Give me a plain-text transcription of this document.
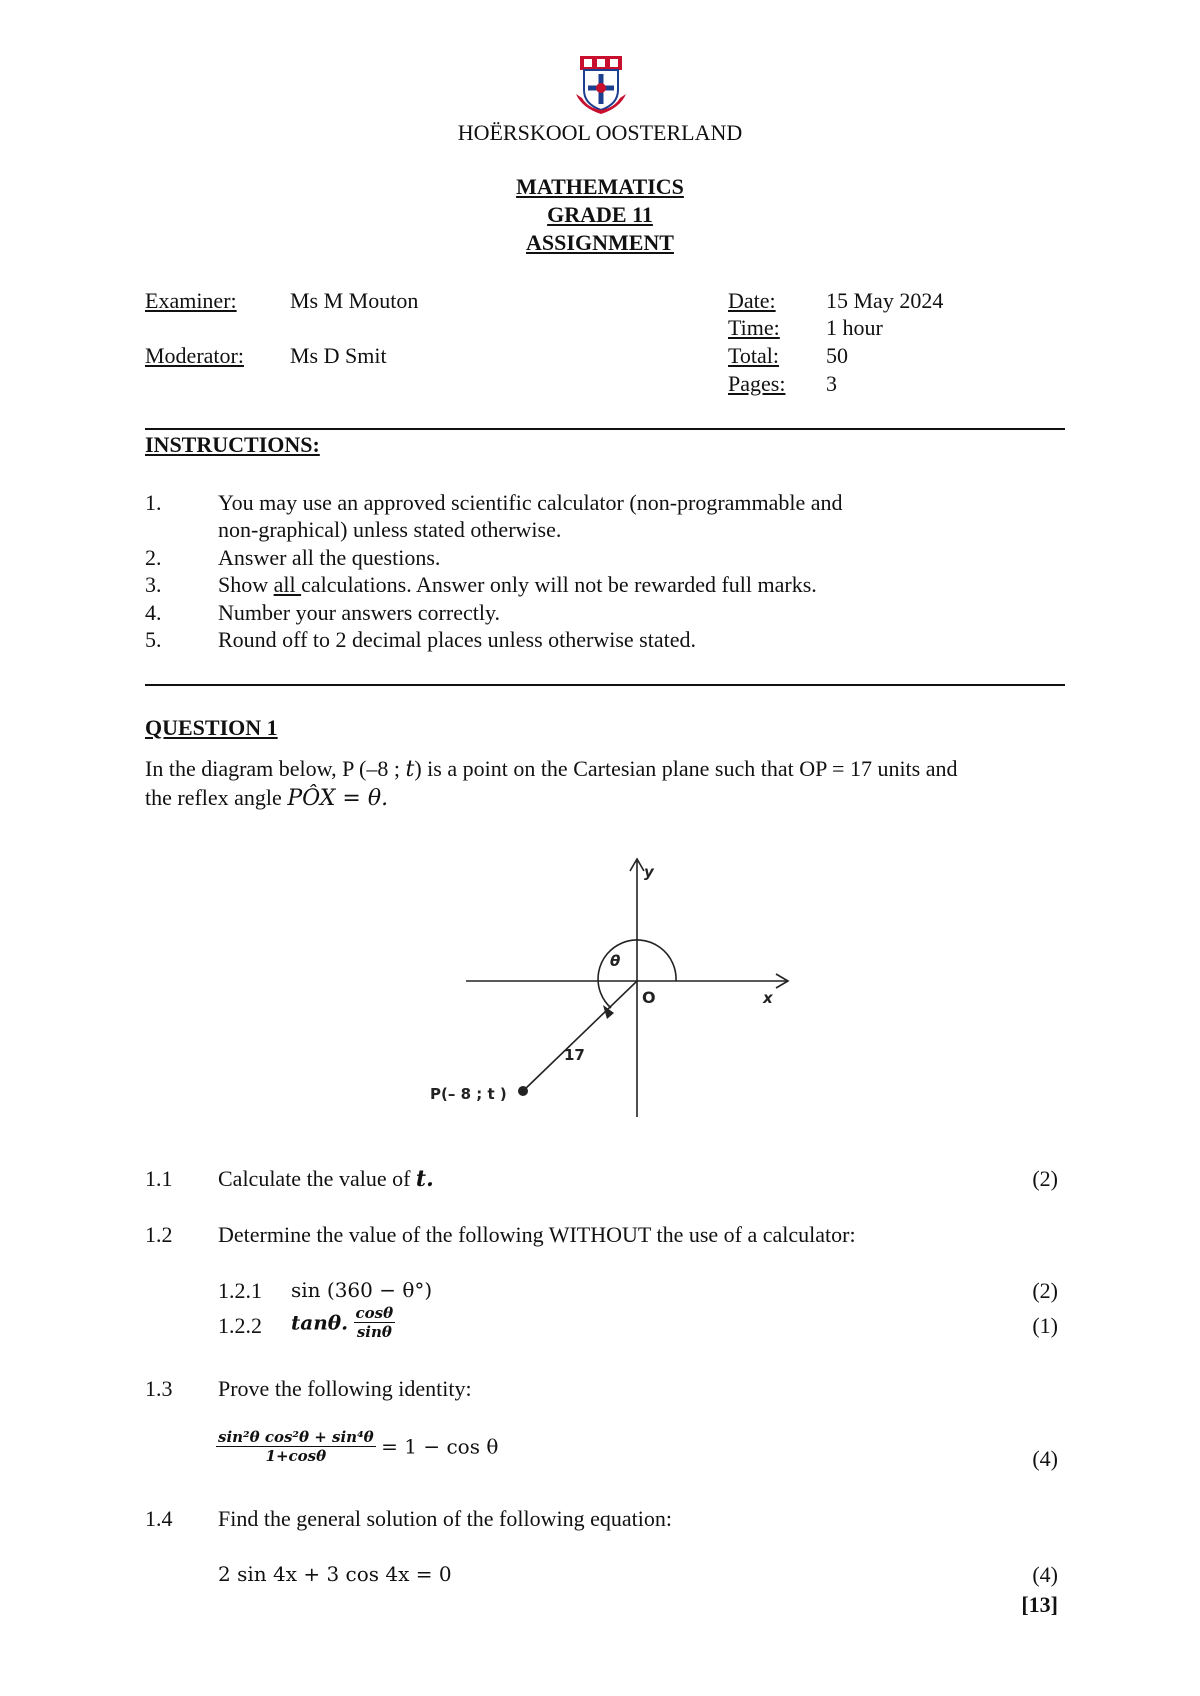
HOËRSKOOL OOSTERLAND
MATHEMATICS
GRADE 11
ASSIGNMENT
Examiner: Ms M Mouton
Moderator: Ms D Smit
Date: 15 May 2024
Time: 1 hour
Total: 50
Pages: 3
INSTRUCTIONS:
1.	You may use an approved scientific calculator (non-programmable and
non-graphical) unless stated otherwise.
2.	Answer all the questions.
3.	Show all calculations. Answer only will not be rewarded full marks.
4.	Number your answers correctly.
5.	Round off to 2 decimal places unless otherwise stated.
QUESTION 1
In the diagram below, P (–8 ; t) is a point on the Cartesian plane such that OP = 17 units and
the reflex angle PÔX = θ.
y
x
O
θ
17
P(– 8 ; t )
1.1 Calculate the value of t.	(2)
1.2 Determine the value of the following WITHOUT the use of a calculator:
1.2.1 sin (360 − θ°)	(2)
1.2.2 tanθ. $\frac{\cos\theta}{\sin\theta}$	(1)
1.3 Prove the following identity:
$\frac{\text{sin²θ cos²θ + sin⁴θ}}{1+\cos\theta} = 1 - \cos \theta$	(4)
1.4 Find the general solution of the following equation:
2 sin 4x + 3 cos 4x = 0	(4)
[13]
